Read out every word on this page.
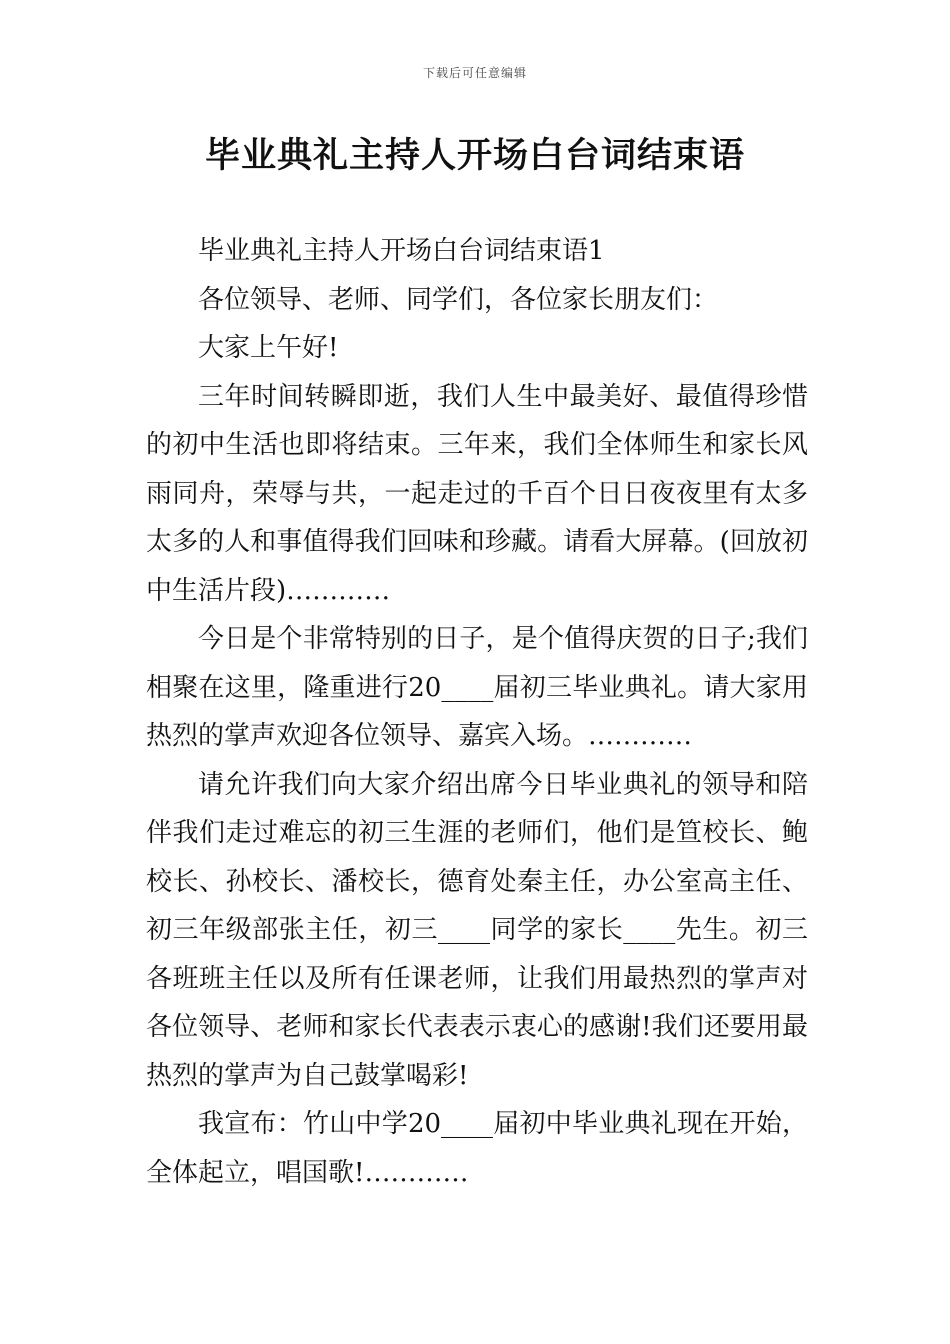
下载后可任意编辑
毕业典礼主持人开场白台词结束语

毕业典礼主持人开场白台词结束语1

各位领导、老师、同学们，各位家长朋友们：

大家上午好!

三年时间转瞬即逝，我们人生中最美好、最值得珍惜的初中生活也即将结束。三年来，我们全体师生和家长风雨同舟，荣辱与共，一起走过的千百个日日夜夜里有太多太多的人和事值得我们回味和珍藏。请看大屏幕。(回放初中生活片段)…………

今日是个非常特别的日子，是个值得庆贺的日子;我们相聚在这里，隆重进行20____届初三毕业典礼。请大家用热烈的掌声欢迎各位领导、嘉宾入场。…………

请允许我们向大家介绍出席今日毕业典礼的领导和陪伴我们走过难忘的初三生涯的老师们，他们是笪校长、鲍校长、孙校长、潘校长，德育处秦主任，办公室高主任、初三年级部张主任，初三____同学的家长____先生。初三各班班主任以及所有任课老师，让我们用最热烈的掌声对各位领导、老师和家长代表表示衷心的感谢!我们还要用最热烈的掌声为自己鼓掌喝彩!

我宣布：竹山中学20____届初中毕业典礼现在开始，全体起立，唱国歌!…………
